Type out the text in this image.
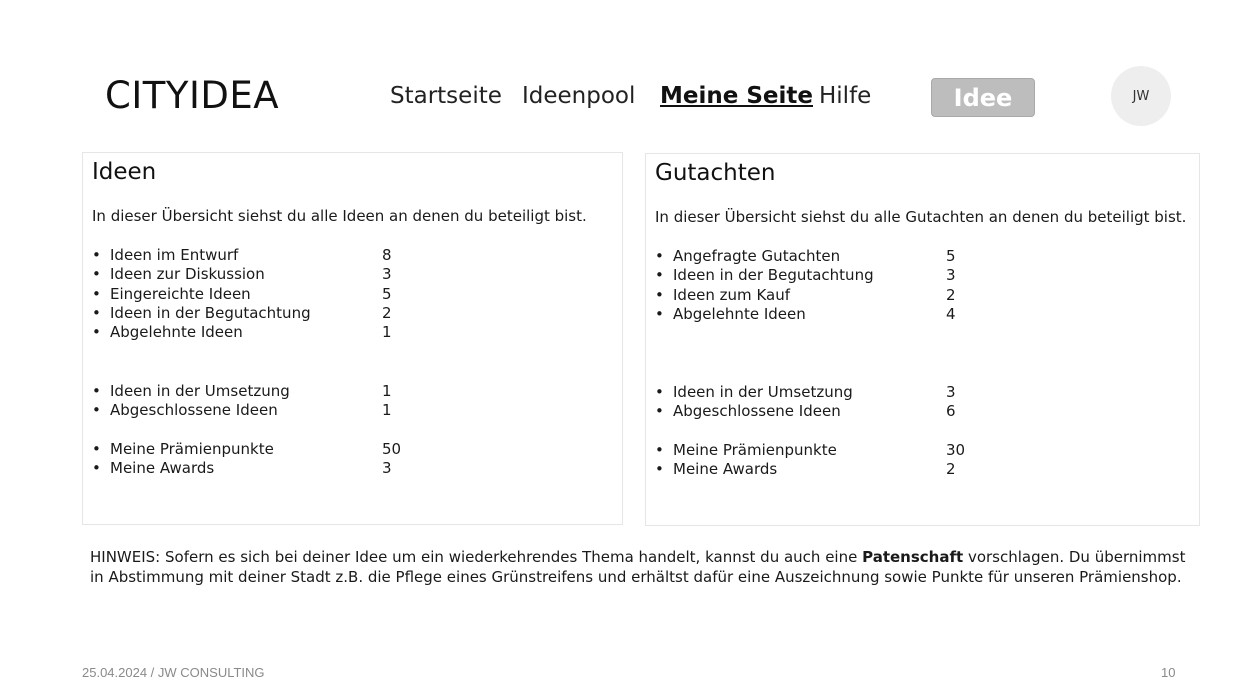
CITYIDEA	Startseite Ideenpool Meine Seite Hilfe	Idee	JW
Ideen
In dieser Übersicht siehst du alle Ideen an denen du beteiligt bist.
• Ideen im Entwurf	8
• Ideen zur Diskussion	3
• Eingereichte Ideen	5
• Ideen in der Begutachtung	2
• Abgelehnte Ideen	1
• Ideen in der Umsetzung	1
• Abgeschlossene Ideen	1
• Meine Prämienpunkte	50
• Meine Awards	3
Gutachten
In dieser Übersicht siehst du alle Gutachten an denen du beteiligt bist.
• Angefragte Gutachten	5
• Ideen in der Begutachtung	3
• Ideen zum Kauf	2
• Abgelehnte Ideen	4
• Ideen in der Umsetzung	3
• Abgeschlossene Ideen	6
• Meine Prämienpunkte	30
• Meine Awards	2

HINWEIS: Sofern es sich bei deiner Idee um ein wiederkehrendes Thema handelt, kannst du auch eine Patenschaft vorschlagen. Du übernimmst in Abstimmung mit deiner Stadt z.B. die Pflege eines Grünstreifens und erhältst dafür eine Auszeichnung sowie Punkte für unseren Prämienshop.

25.04.2024 / JW CONSULTING	10
